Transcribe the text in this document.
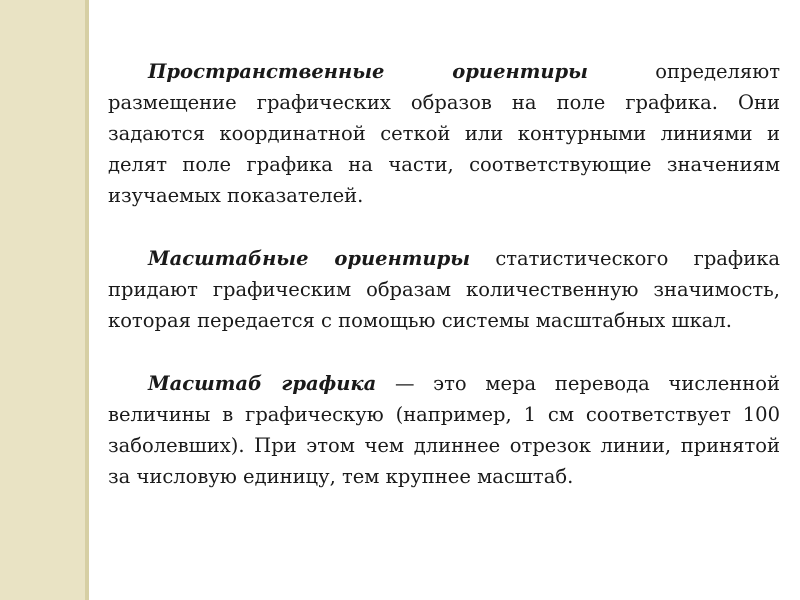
Пространственные ориентиры определяют размещение графических образов на поле графика. Они задаются координатной сеткой или контурными линиями и делят поле графика на части, соответствующие значениям изучаемых показателей.

Масштабные ориентиры статистического графика придают графическим образам количественную значимость, которая передается с помощью системы масштабных шкал.

Масштаб графика — это мера перевода численной величины в графическую (например, 1 см соответствует 100 заболевших). При этом чем длиннее отрезок линии, принятой за числовую единицу, тем крупнее масштаб.
